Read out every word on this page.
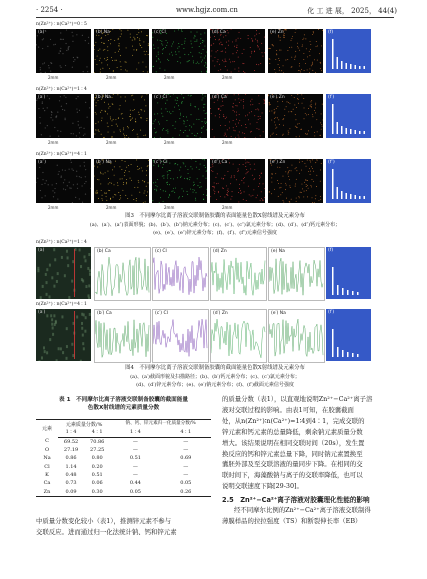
· 2254 ·	www.hgjz.com.cn	化 工 进 展， 2025， 44(4)
图3　不同摩尔比离子溶液交联制备胶囊的表面能量色散X射线谱及元素分布
(a)、(a′)、(a″)表面形貌；(b)、(b′)、(b″)钠元素分布；(c)、(c′)、(c″)氯元素分布；(d)、(d′)、(d″)钙元素分布；
(e)、(e′)、(e″)锌元素分布；(f)、(f′)、(f″)元素信号强度
图4　不同摩尔比离子溶液交联制备胶囊的截面能量色散X射线谱及元素分布
(a)、(a′)截面形貌及扫描路径；(b)、(b′)钙元素分布；(c)、(c′)氯元素分布；
(d)、(d′)锌元素分布；(e)、(e′)钠元素分布；(f)、(f′)截面元素信号强度
表 1　不同摩尔比离子溶液交联制备胶囊的截面能量
色散X射线谱的元素质量分数
元素	元素质量分数/%		钠、钙、锌元素归一化质量分数/%	
	1 ∶ 4	4 ∶ 1	1 ∶ 4	4 ∶ 1
C	69.52	70.86	—	—
O	27.19	27.25	—	—
Na	0.86	0.80	0.51	0.69
Cl	1.14	0.20	—	—
K	0.48	0.51	—	—
Ca	0.73	0.06	0.44	0.05
Zn	0.09	0.30	0.05	0.26
中质量分数变化较小（表1），推测锌元素不参与
交联反应。进而通过归一化法统计钠、钙和锌元素
的质量分数（表1），以直观地说明Zn²⁺−Ca²⁺离子溶
液对交联过程的影响。由表1可知，在胶囊截面
处，从n(Zn²⁺)∶n(Ca²⁺)=1∶4到4∶1，完成交联的
锌元素和钙元素的总量降低，剩余钠元素质量分数
增大。该结果说明在相同交联时间（20s），发生置
换反应的钙和锌元素总量下降，同时钠元素置换至
囊胚外部及至交联溶液的量同步下降。在相同的交
联时间下，海藻酸钠与离子的交联率降低，也可以
说明交联速度下降[29-30]。
2.5　Zn²⁺−Ca²⁺离子溶液对胶囊理化性能的影响
经不同摩尔比例的Zn²⁺−Ca²⁺离子溶液交联制得
薄膜样品的拉拉强度（TS）和断裂伸长率（EB）
n(Zn²⁺) ∶ n(Ca²⁺)=0 ∶ 5
2mm
(a)
2mm
(b) Na
2mm
(c) Cl
2mm
(d) Ca	(e) Zn	(f)
n(Zn²⁺) ∶ n(Ca²⁺)=1 ∶ 4
2mm
(a′)
2mm
(b′) Na
2mm
(c′) Cl
2mm
(d′) Ca	(e′) Zn	(f′)
n(Zn²⁺) ∶ n(Ca²⁺)=4 ∶ 1
2mm
(a″)
2mm
(b″) Na
2mm
(c″) Cl
2mm
(d″) Ca	(e″) Zn	(f″)
n(Zn²⁺) ∶ n(Ca²⁺)=1 ∶ 4
(a)	(b) Ca	(c) Cl	(d) Zn	(e) Na	(f)
n(Zn²⁺) ∶ n(Ca²⁺)=4 ∶ 1
(a′)	(b′) Ca	(c′) Cl	(d′) Zn	(e′) Na	(f′)
